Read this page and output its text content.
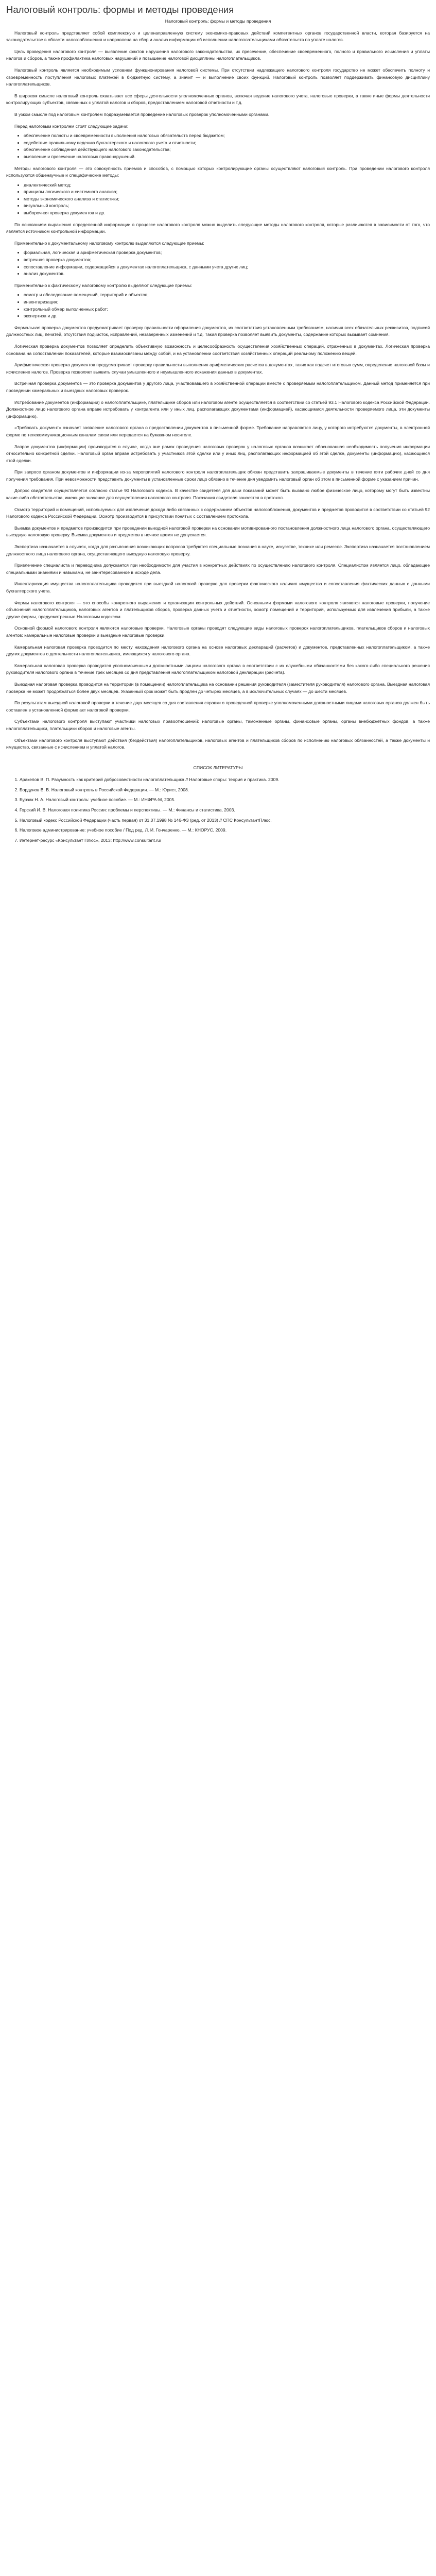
Налоговый контроль: формы и методы проведения
Налоговый контроль: формы и методы проведения

Налоговый контроль представляет собой комплексную и целенаправленную систему экономико-правовых действий компетентных органов государственной власти, которая базируется на законодательстве в области налогообложения и направлена на сбор и анализ информации об исполнении налогоплательщиками обязательств по уплате налогов.

Цель проведения налогового контроля — выявление фактов нарушения налогового законодательства, их пресечение, обеспечение своевременного, полного и правильного исчисления и уплаты налогов и сборов, а также профилактика налоговых нарушений и повышение налоговой дисциплины налогоплательщиков.

Налоговый контроль является необходимым условием функционирования налоговой системы. При отсутствии надлежащего налогового контроля государство не может обеспечить полноту и своевременность поступления налоговых платежей в бюджетную систему, а значит — и выполнение своих функций. Налоговый контроль позволяет поддерживать финансовую дисциплину налогоплательщиков.

В широком смысле налоговый контроль охватывает все сферы деятельности уполномоченных органов, включая ведение налогового учета, налоговые проверки, а также иные формы деятельности контролирующих субъектов, связанных с уплатой налогов и сборов, предоставлением налоговой отчетности и т.д.

В узком смысле под налоговым контролем подразумевается проведение налоговых проверок уполномоченными органами.

Перед налоговым контролем стоят следующие задачи:

• обеспечение полноты и своевременности выполнения налоговых обязательств перед бюджетом;
• содействие правильному ведению бухгалтерского и налогового учета и отчетности;
• обеспечение соблюдения действующего налогового законодательства;
• выявление и пресечение налоговых правонарушений.

Методы налогового контроля — это совокупность приемов и способов, с помощью которых контролирующие органы осуществляют налоговый контроль. При проведении налогового контроля используются общенаучные и специфические методы:

• диалектический метод;
• принципы логического и системного анализа;
• методы экономического анализа и статистики;
• визуальный контроль;
• выборочная проверка документов и др.

По основаниям выражения определенной информации в процессе налогового контроля можно выделить следующие методы налогового контроля, которые различаются в зависимости от того, что является источником контрольной информации.

Применительно к документальному налоговому контролю выделяются следующие приемы:

• формальная, логическая и арифметическая проверка документов;
• встречная проверка документов;
• сопоставление информации, содержащейся в документах налогоплательщика, с данными учета других лиц;
• анализ документов.

Применительно к фактическому налоговому контролю выделяют следующие приемы:

• осмотр и обследование помещений, территорий и объектов;
• инвентаризация;
• контрольный обмер выполненных работ;
• экспертиза и др.

Формальная проверка документов предусматривает проверку правильности оформления документов, их соответствия установленным требованиям, наличия всех обязательных реквизитов, подписей должностных лиц, печатей, отсутствия подчисток, исправлений, незаверенных изменений и т.д. Такая проверка позволяет выявить документы, содержание которых вызывает сомнения.

Логическая проверка документов позволяет определить объективную возможность и целесообразность осуществления хозяйственных операций, отраженных в документах. Логическая проверка основана на сопоставлении показателей, которые взаимосвязаны между собой, и на установлении соответствия хозяйственных операций реальному положению вещей.

Арифметическая проверка документов предусматривает проверку правильности выполнения арифметических расчетов в документах, таких как подсчет итоговых сумм, определение налоговой базы и исчисление налогов. Проверка позволяет выявить случаи умышленного и неумышленного искажения данных в документах.

Встречная проверка документов — это проверка документов у другого лица, участвовавшего в хозяйственной операции вместе с проверяемым налогоплательщиком. Данный метод применяется при проведении камеральных и выездных налоговых проверок.

Истребование документов (информации) о налогоплательщике, плательщике сборов или налоговом агенте осуществляется в соответствии со статьей 93.1 Налогового кодекса Российской Федерации. Должностное лицо налогового органа вправе истребовать у контрагента или у иных лиц, располагающих документами (информацией), касающимися деятельности проверяемого лица, эти документы (информацию).

«Требовать документ» означает заявление налогового органа о предоставлении документов в письменной форме. Требование направляется лицу, у которого истребуются документы, в электронной форме по телекоммуникационным каналам связи или передается на бумажном носителе.

Запрос документов (информации) производится в случае, когда вне рамок проведения налоговых проверок у налоговых органов возникает обоснованная необходимость получения информации относительно конкретной сделки. Налоговый орган вправе истребовать у участников этой сделки или у иных лиц, располагающих информацией об этой сделке, документы (информацию), касающиеся этой сделки.

При запросе органом документов и информации из-за мероприятий налогового контроля налогоплательщик обязан представить запрашиваемые документы в течение пяти рабочих дней со дня получения требования. При невозможности представить документы в установленные сроки лицо обязано в течение дня уведомить налоговый орган об этом в письменной форме с указанием причин.

Допрос свидетеля осуществляется согласно статье 90 Налогового кодекса. В качестве свидетеля для дачи показаний может быть вызвано любое физическое лицо, которому могут быть известны какие-либо обстоятельства, имеющие значение для осуществления налогового контроля. Показания свидетеля заносятся в протокол.

Осмотр территорий и помещений, используемых для извлечения дохода либо связанных с содержанием объектов налогообложения, документов и предметов проводится в соответствии со статьей 92 Налогового кодекса Российской Федерации. Осмотр производится в присутствии понятых с составлением протокола.

Выемка документов и предметов производится при проведении выездной налоговой проверки на основании мотивированного постановления должностного лица налогового органа, осуществляющего выездную налоговую проверку. Выемка документов и предметов в ночное время не допускается.

Экспертиза назначается в случаях, когда для разъяснения возникающих вопросов требуются специальные познания в науке, искусстве, технике или ремесле. Экспертиза назначается постановлением должностного лица налогового органа, осуществляющего выездную налоговую проверку.

Привлечение специалиста и переводчика допускается при необходимости для участия в конкретных действиях по осуществлению налогового контроля. Специалистом является лицо, обладающее специальными знаниями и навыками, не заинтересованное в исходе дела.

Инвентаризация имущества налогоплательщика проводится при выездной налоговой проверке для проверки фактического наличия имущества и сопоставления фактических данных с данными бухгалтерского учета.

Формы налогового контроля — это способы конкретного выражения и организации контрольных действий. Основными формами налогового контроля являются налоговые проверки, получение объяснений налогоплательщиков, налоговых агентов и плательщиков сборов, проверка данных учета и отчетности, осмотр помещений и территорий, используемых для извлечения прибыли, а также другие формы, предусмотренные Налоговым кодексом.

Основной формой налогового контроля являются налоговые проверки. Налоговые органы проводят следующие виды налоговых проверок налогоплательщиков, плательщиков сборов и налоговых агентов: камеральные налоговые проверки и выездные налоговые проверки.

Камеральная налоговая проверка проводится по месту нахождения налогового органа на основе налоговых деклараций (расчетов) и документов, представленных налогоплательщиком, а также других документов о деятельности налогоплательщика, имеющихся у налогового органа.

Камеральная налоговая проверка проводится уполномоченными должностными лицами налогового органа в соответствии с их служебными обязанностями без какого-либо специального решения руководителя налогового органа в течение трех месяцев со дня представления налогоплательщиком налоговой декларации (расчета).

Выездная налоговая проверка проводится на территории (в помещении) налогоплательщика на основании решения руководителя (заместителя руководителя) налогового органа. Выездная налоговая проверка не может продолжаться более двух месяцев. Указанный срок может быть продлен до четырех месяцев, а в исключительных случаях — до шести месяцев.

По результатам выездной налоговой проверки в течение двух месяцев со дня составления справки о проведенной проверке уполномоченными должностными лицами налоговых органов должен быть составлен в установленной форме акт налоговой проверки.

Субъектами налогового контроля выступают участники налоговых правоотношений: налоговые органы, таможенные органы, финансовые органы, органы внебюджетных фондов, а также налогоплательщики, плательщики сборов и налоговые агенты.

Объектами налогового контроля выступают действия (бездействия) налогоплательщиков, налоговых агентов и плательщиков сборов по исполнению налоговых обязанностей, а также документы и имущество, связанные с исчислением и уплатой налогов.

СПИСОК ЛИТЕРАТУРЫ
1. Аракелов В. П. Разумность как критерий добросовестности налогоплательщика // Налоговые споры: теория и практика. 2009.
2. Бордунов В. В. Налоговый контроль в Российской Федерации. — М.: Юрист, 2008.
3. Бурзак Н. А. Налоговый контроль: учебное пособие. — М.: ИНФРА-М, 2005.
4. Горский И. В. Налоговая политика России: проблемы и перспективы. — М.: Финансы и статистика, 2003.
5. Налоговый кодекс Российской Федерации (часть первая) от 31.07.1998 № 146-ФЗ (ред. от 2013) // СПС КонсультантПлюс.
6. Налоговое администрирование: учебное пособие / Под ред. Л. И. Гончаренко. — М.: КНОРУС, 2009.
7. Интернет-ресурс «Консультант Плюс», 2013: http://www.consultant.ru/
